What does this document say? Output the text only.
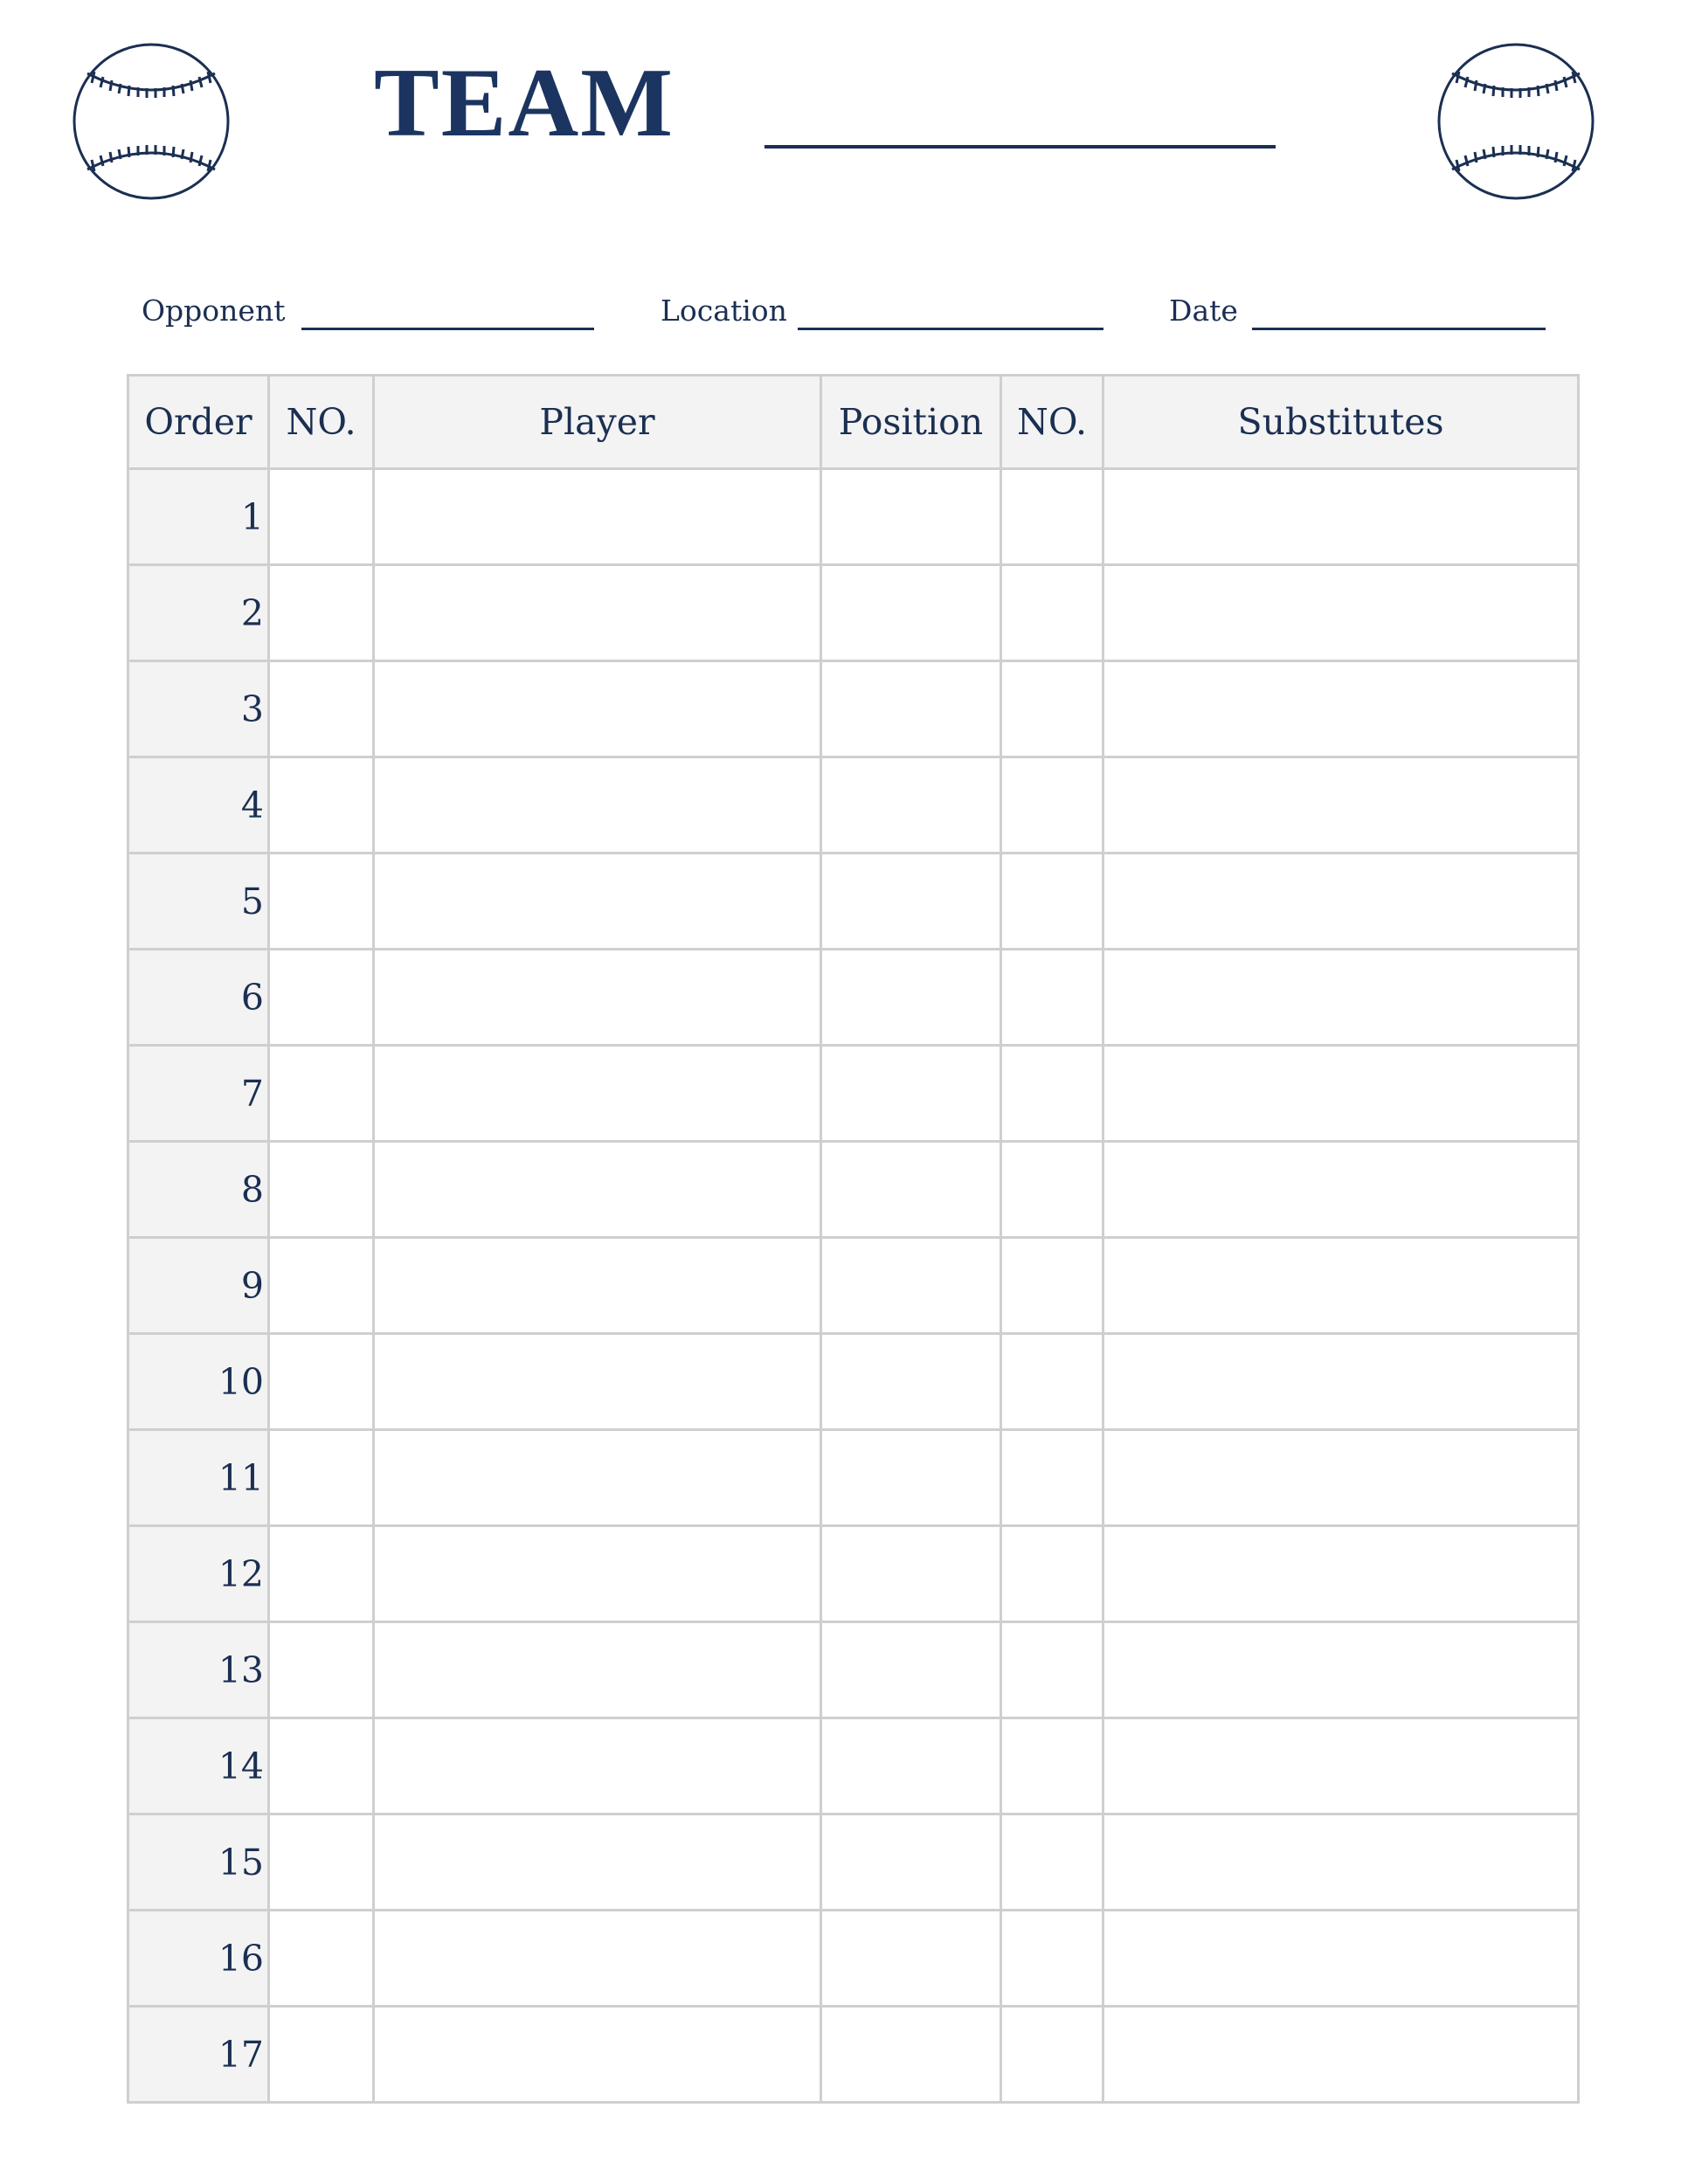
TEAM
Opponent	Location	Date
Order	NO.	Player	Position	NO.	Substitutes
1					
2					
3					
4					
5					
6					
7					
8					
9					
10					
11					
12					
13					
14					
15					
16					
17					
